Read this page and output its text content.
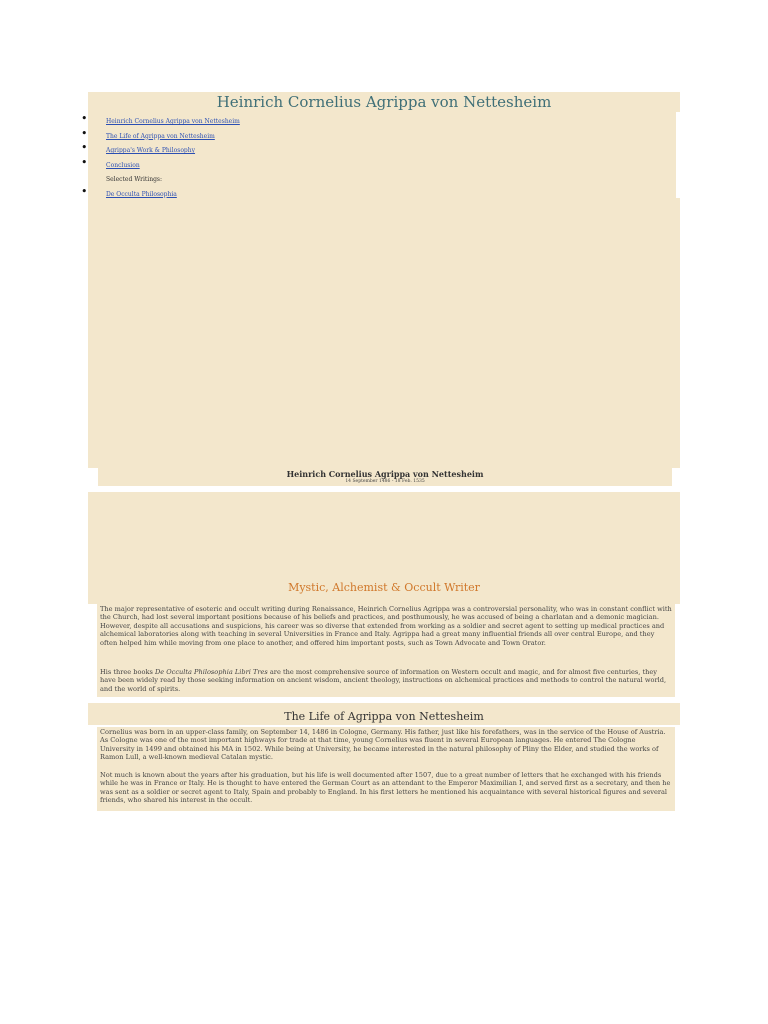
Heinrich Cornelius Agrippa von Nettesheim
• Heinrich Cornelius Agrippa von Nettesheim
• The Life of Agrippa von Nettesheim
• Agrippa's Work & Philosophy
• Conclusion
Selected Writings:
• De Occulta Philosophia
Heinrich Cornelius Agrippa von Nettesheim
14 September 1486 - 18 Feb. 1535
Mystic, Alchemist & Occult Writer

The major representative of esoteric and occult writing during Renaissance, Heinrich Cornelius Agrippa was a controversial personality, who was in constant conflict with the Church, had lost several important positions because of his beliefs and practices, and posthumously, he was accused of being a charlatan and a demonic magician. However, despite all accusations and suspicions, his career was so diverse that extended from working as a soldier and secret agent to setting up medical practices and alchemical laboratories along with teaching in several Universities in France and Italy. Agrippa had a great many influential friends all over central Europe, and they often helped him while moving from one place to another, and offered him important posts, such as Town Advocate and Town Orator.

His three books De Occulta Philosophia Libri Tres are the most comprehensive source of information on Western occult and magic, and for almost five centuries, they have been widely read by those seeking information on ancient wisdom, ancient theology, instructions on alchemical practices and methods to control the natural world, and the world of spirits.

The Life of Agrippa von Nettesheim

Cornelius was born in an upper-class family, on September 14, 1486 in Cologne, Germany. His father, just like his forefathers, was in the service of the House of Austria. As Cologne was one of the most important highways for trade at that time, young Cornelius was fluent in several European languages. He entered The Cologne University in 1499 and obtained his MA in 1502. While being at University, he became interested in the natural philosophy of Pliny the Elder, and studied the works of Ramon Lull, a well-known medieval Catalan mystic.

Not much is known about the years after his graduation, but his life is well documented after 1507, due to a great number of letters that he exchanged with his friends while he was in France or Italy. He is thought to have entered the German Court as an attendant to the Emperor Maximilian I, and served first as a secretary, and then he was sent as a soldier or secret agent to Italy, Spain and probably to England. In his first letters he mentioned his acquaintance with several historical figures and several friends, who shared his interest in the occult.
